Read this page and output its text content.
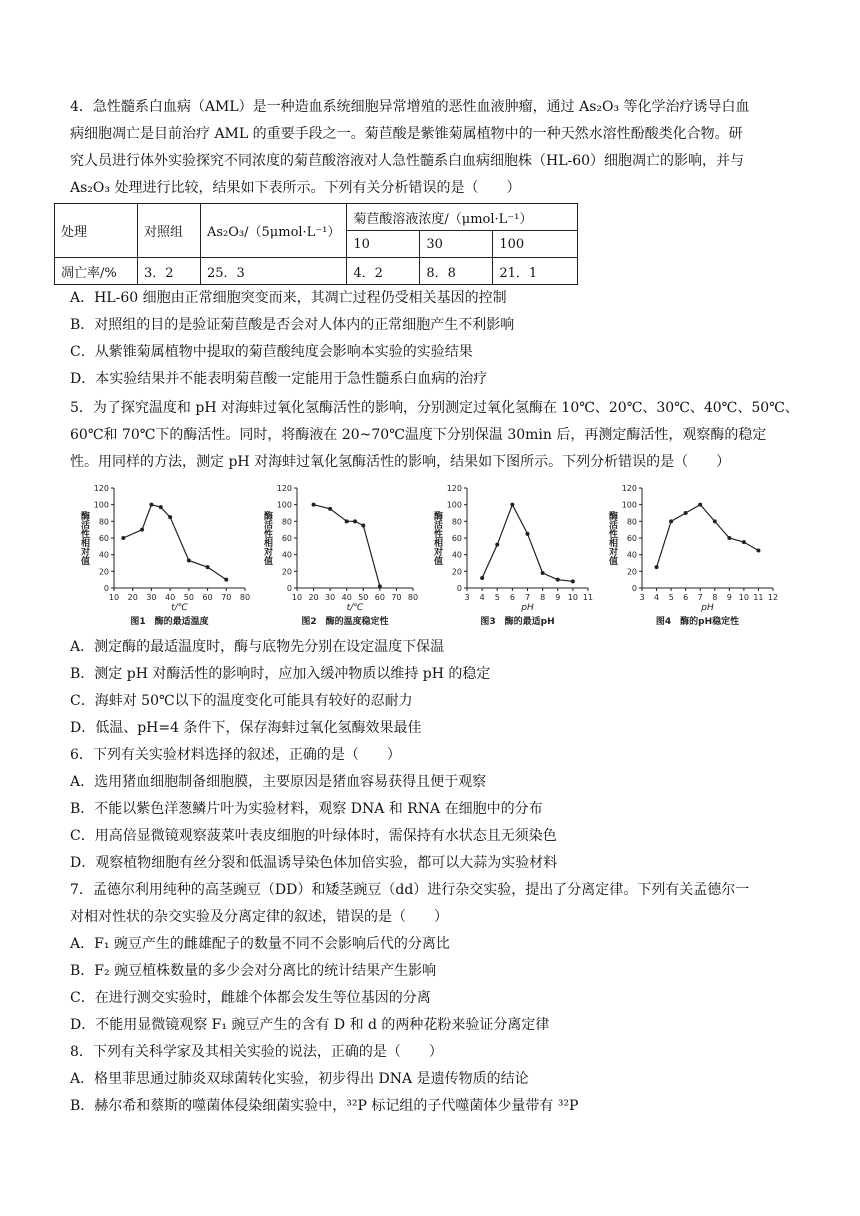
4．急性髓系白血病（AML）是一种造血系统细胞异常增殖的恶性血液肿瘤，通过 As₂O₃ 等化学治疗诱导白血
病细胞凋亡是目前治疗 AML 的重要手段之一。菊苣酸是紫锥菊属植物中的一种天然水溶性酚酸类化合物。研
究人员进行体外实验探究不同浓度的菊苣酸溶液对人急性髓系白血病细胞株（HL-60）细胞凋亡的影响，并与
As₂O₃ 处理进行比较，结果如下表所示。下列有关分析错误的是（　　）
处理	对照组	As₂O₃/（5μmol·L⁻¹）	菊苣酸溶液浓度/（μmol·L⁻¹）		
			10	30	100
凋亡率/%	3．2	25．3	4．2	8．8	21．1
A．HL-60 细胞由正常细胞突变而来，其凋亡过程仍受相关基因的控制
B．对照组的目的是验证菊苣酸是否会对人体内的正常细胞产生不利影响
C．从紫锥菊属植物中提取的菊苣酸纯度会影响本实验的实验结果
D．本实验结果并不能表明菊苣酸一定能用于急性髓系白血病的治疗
5．为了探究温度和 pH 对海蚌过氧化氢酶活性的影响，分别测定过氧化氢酶在 10℃、20℃、30℃、40℃、50℃、
60℃和 70℃下的酶活性。同时，将酶液在 20~70℃温度下分别保温 30min 后，再测定酶活性，观察酶的稳定
性。用同样的方法，测定 pH 对海蚌过氧化氢酶活性的影响，结果如下图所示。下列分析错误的是（　　）
0
20
40
60
80
100
120
10 20 30 40 50 60 70 80
酶活性相对值
t/℃
图1　酶的最适温度
0
20
40
60
80
100
120
10 20 30 40 50 60 70 80
酶活性相对值
t/℃
图2　酶的温度稳定性
0
20
40
60
80
100
120
3 4 5 6 7 8 9 10 11
酶活性相对值
pH
图3　酶的最适pH
0
20
40
60
80
100
120
3 4 5 6 7 8 9 10 11 12
酶活性相对值
pH
图4　酶的pH稳定性
A．测定酶的最适温度时，酶与底物先分别在设定温度下保温
B．测定 pH 对酶活性的影响时，应加入缓冲物质以维持 pH 的稳定
C．海蚌对 50℃以下的温度变化可能具有较好的忍耐力
D．低温、pH=4 条件下，保存海蚌过氧化氢酶效果最佳
6．下列有关实验材料选择的叙述，正确的是（　　）
A．选用猪血细胞制备细胞膜，主要原因是猪血容易获得且便于观察
B．不能以紫色洋葱鳞片叶为实验材料，观察 DNA 和 RNA 在细胞中的分布
C．用高倍显微镜观察菠菜叶表皮细胞的叶绿体时，需保持有水状态且无须染色
D．观察植物细胞有丝分裂和低温诱导染色体加倍实验，都可以大蒜为实验材料
7．孟德尔利用纯种的高茎豌豆（DD）和矮茎豌豆（dd）进行杂交实验，提出了分离定律。下列有关孟德尔一
对相对性状的杂交实验及分离定律的叙述，错误的是（　　）
A．F₁ 豌豆产生的雌雄配子的数量不同不会影响后代的分离比
B．F₂ 豌豆植株数量的多少会对分离比的统计结果产生影响
C．在进行测交实验时，雌雄个体都会发生等位基因的分离
D．不能用显微镜观察 F₁ 豌豆产生的含有 D 和 d 的两种花粉来验证分离定律
8．下列有关科学家及其相关实验的说法，正确的是（　　）
A．格里菲思通过肺炎双球菌转化实验，初步得出 DNA 是遗传物质的结论
B．赫尔希和蔡斯的噬菌体侵染细菌实验中，³²P 标记组的子代噬菌体少量带有 ³²P
